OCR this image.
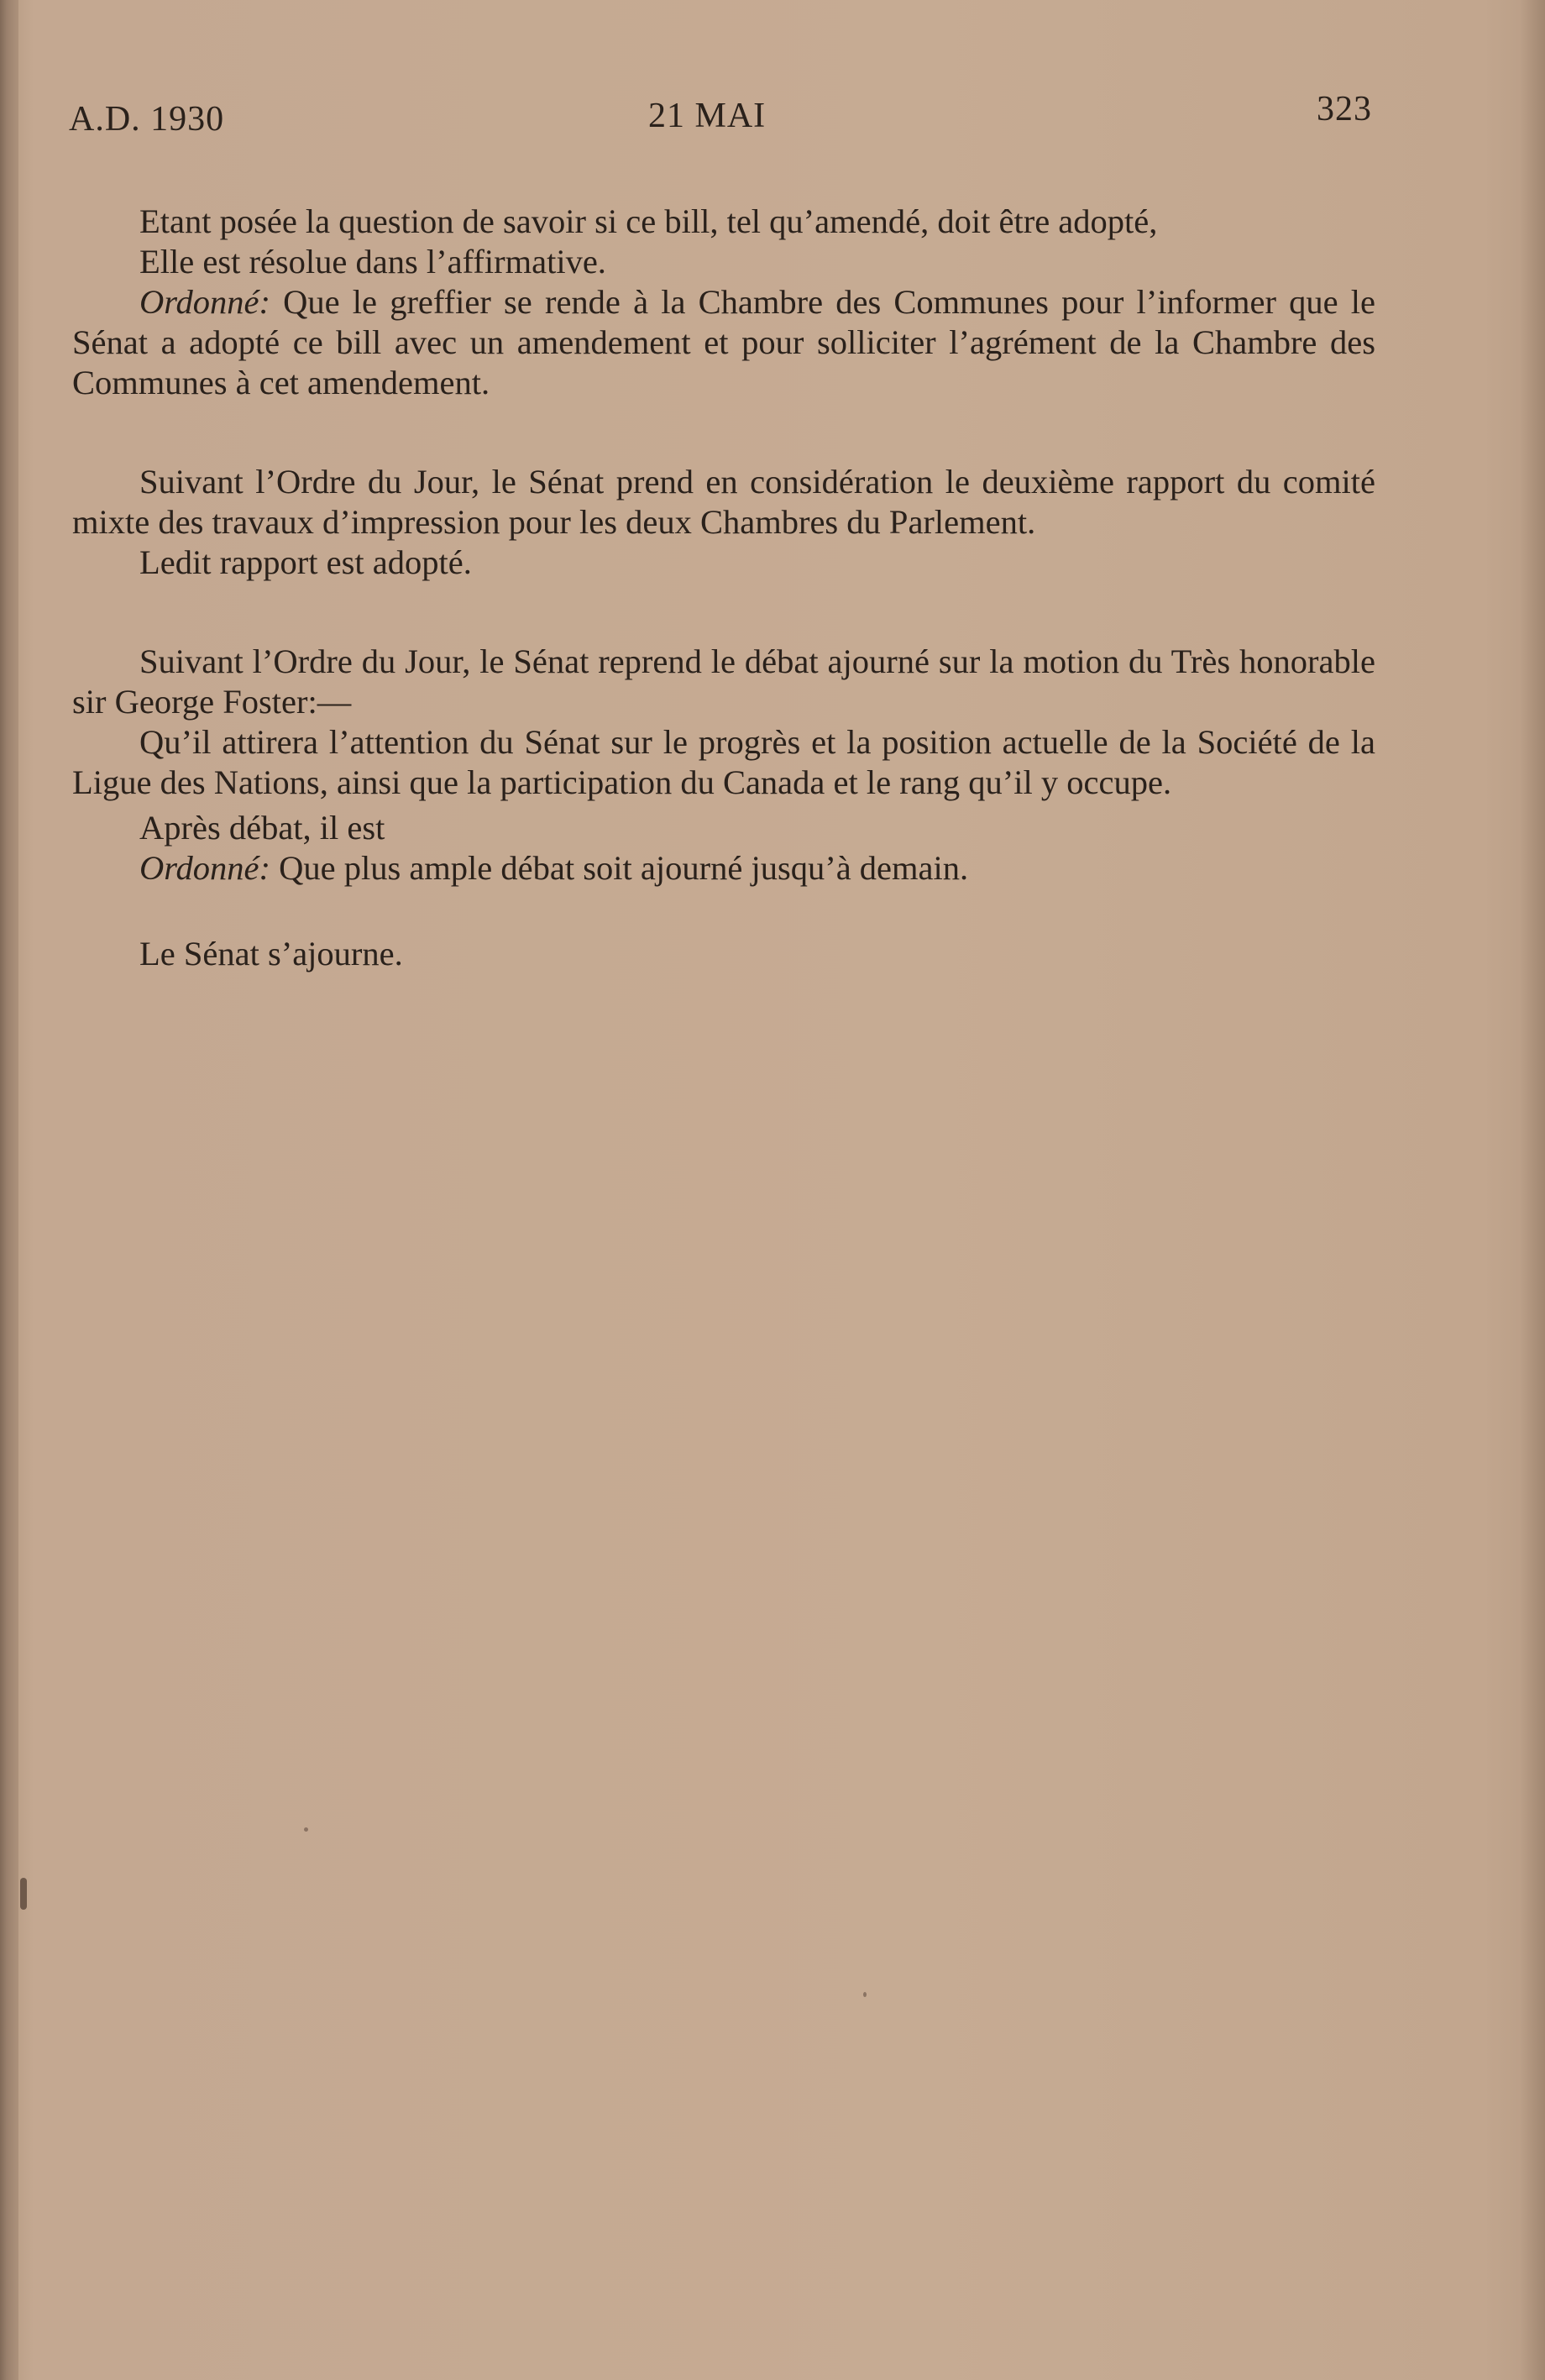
A.D. 1930	21 MAI	323

Etant posée la question de savoir si ce bill, tel qu’amendé, doit être adopté,

Elle est résolue dans l’affirmative.

Ordonné: Que le greffier se rende à la Chambre des Communes pour l’informer que le Sénat a adopté ce bill avec un amendement et pour solliciter l’agrément de la Chambre des Communes à cet amendement.

Suivant l’Ordre du Jour, le Sénat prend en considération le deuxième rapport du comité mixte des travaux d’impression pour les deux Chambres du Parlement.

Ledit rapport est adopté.

Suivant l’Ordre du Jour, le Sénat reprend le débat ajourné sur la motion du Très honorable sir George Foster:—

Qu’il attirera l’attention du Sénat sur le progrès et la position actuelle de la Société de la Ligue des Nations, ainsi que la participation du Canada et le rang qu’il y occupe.

Après débat, il est

Ordonné: Que plus ample débat soit ajourné jusqu’à demain.

Le Sénat s’ajourne.
